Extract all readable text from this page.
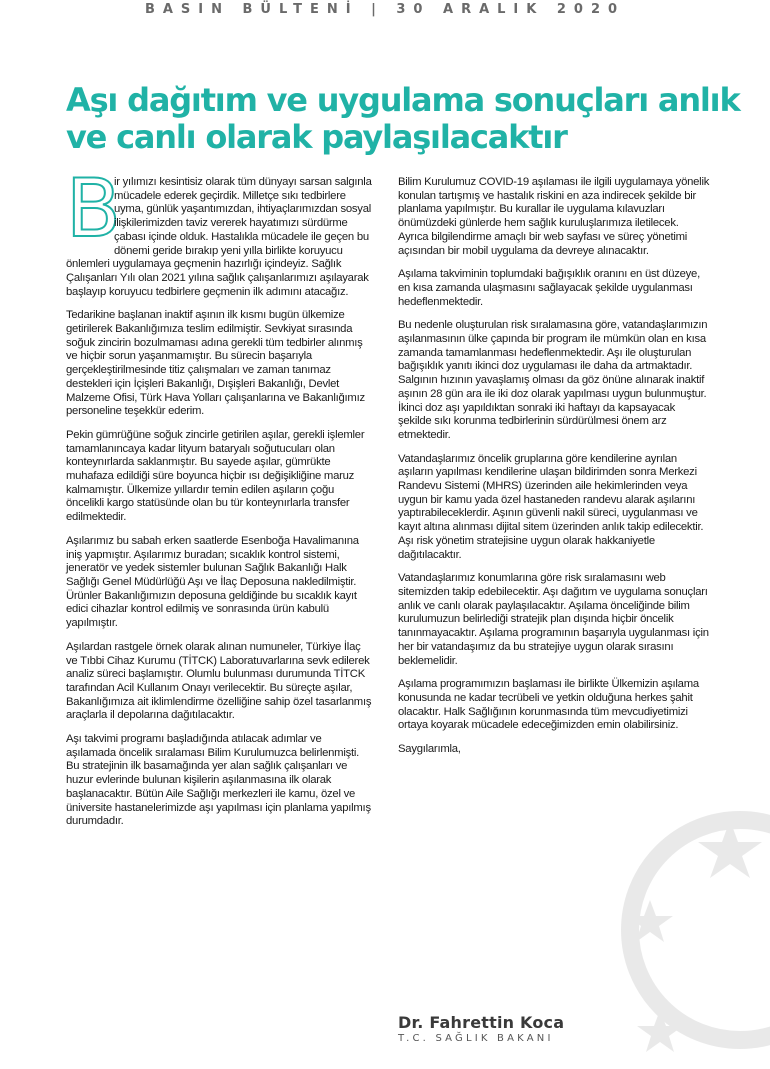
BASIN BÜLTENİ | 30 ARALIK 2020
Aşı dağıtım ve uygulama sonuçları anlık ve canlı olarak paylaşılacaktır

B
ir yılımızı kesintisiz olarak tüm dünyayı sarsan salgınla mücadele ederek geçirdik. Milletçe sıkı tedbirlere uyma, günlük yaşantımızdan, ihtiyaçlarımızdan sosyal ilişkilerimizden taviz vererek hayatımızı sürdürme çabası içinde olduk. Hastalıkla mücadele ile geçen bu dönemi geride bırakıp yeni yılla birlikte koruyucu önlemleri uygulamaya geçmenin hazırlığı içindeyiz. Sağlık Çalışanları Yılı olan 2021 yılına sağlık çalışanlarımızı aşılayarak başlayıp koruyucu tedbirlere geçmenin ilk adımını atacağız.

Tedarikine başlanan inaktif aşının ilk kısmı bugün ülkemize getirilerek Bakanlığımıza teslim edilmiştir. Sevkiyat sırasında soğuk zincirin bozulmaması adına gerekli tüm tedbirler alınmış ve hiçbir sorun yaşanmamıştır. Bu sürecin başarıyla gerçekleştirilmesinde titiz çalışmaları ve zaman tanımaz destekleri için İçişleri Bakanlığı, Dışişleri Bakanlığı, Devlet Malzeme Ofisi, Türk Hava Yolları çalışanlarına ve Bakanlığımız personeline teşekkür ederim.

Pekin gümrüğüne soğuk zincirle getirilen aşılar, gerekli işlemler tamamlanıncaya kadar lityum bataryalı soğutucuları olan konteynırlarda saklanmıştır. Bu sayede aşılar, gümrükte muhafaza edildiği süre boyunca hiçbir ısı değişikliğine maruz kalmamıştır. Ülkemize yıllardır temin edilen aşıların çoğu öncelikli kargo statüsünde olan bu tür konteynırlarla transfer edilmektedir.

Aşılarımız bu sabah erken saatlerde Esenboğa Havalimanına iniş yapmıştır. Aşılarımız buradan; sıcaklık kontrol sistemi, jeneratör ve yedek sistemler bulunan Sağlık Bakanlığı Halk Sağlığı Genel Müdürlüğü Aşı ve İlaç Deposuna nakledilmiştir. Ürünler Bakanlığımızın deposuna geldiğinde bu sıcaklık kayıt edici cihazlar kontrol edilmiş ve sonrasında ürün kabulü yapılmıştır.

Aşılardan rastgele örnek olarak alınan numuneler, Türkiye İlaç ve Tıbbi Cihaz Kurumu (TİTCK) Laboratuvarlarına sevk edilerek analiz süreci başlamıştır. Olumlu bulunması durumunda TİTCK tarafından Acil Kullanım Onayı verilecektir. Bu süreçte aşılar, Bakanlığımıza ait iklimlendirme özelliğine sahip özel tasarlanmış araçlarla il depolarına dağıtılacaktır.

Aşı takvimi programı başladığında atılacak adımlar ve aşılamada öncelik sıralaması Bilim Kurulumuzca belirlenmişti. Bu stratejinin ilk basamağında yer alan sağlık çalışanları ve huzur evlerinde bulunan kişilerin aşılanmasına ilk olarak başlanacaktır. Bütün Aile Sağlığı merkezleri ile kamu, özel ve üniversite hastanelerimizde aşı yapılması için planlama yapılmış durumdadır.

Bilim Kurulumuz COVID-19 aşılaması ile ilgili uygulamaya yönelik konulan tartışmış ve hastalık riskini en aza indirecek şekilde bir planlama yapılmıştır. Bu kurallar ile uygulama kılavuzları önümüzdeki günlerde hem sağlık kuruluşlarımıza iletilecek. Ayrıca bilgilendirme amaçlı bir web sayfası ve süreç yönetimi açısından bir mobil uygulama da devreye alınacaktır.

Aşılama takviminin toplumdaki bağışıklık oranını en üst düzeye, en kısa zamanda ulaşmasını sağlayacak şekilde uygulanması hedeflenmektedir.

Bu nedenle oluşturulan risk sıralamasına göre, vatandaşlarımızın aşılanmasının ülke çapında bir program ile mümkün olan en kısa zamanda tamamlanması hedeflenmektedir. Aşı ile oluşturulan bağışıklık yanıtı ikinci doz uygulaması ile daha da artmaktadır. Salgının hızının yavaşlamış olması da göz önüne alınarak inaktif aşının 28 gün ara ile iki doz olarak yapılması uygun bulunmuştur. İkinci doz aşı yapıldıktan sonraki iki haftayı da kapsayacak şekilde sıkı korunma tedbirlerinin sürdürülmesi önem arz etmektedir.

Vatandaşlarımız öncelik gruplarına göre kendilerine ayrılan aşıların yapılması kendilerine ulaşan bildirimden sonra Merkezi Randevu Sistemi (MHRS) üzerinden aile hekimlerinden veya uygun bir kamu yada özel hastaneden randevu alarak aşılarını yaptırabileceklerdir. Aşının güvenli nakil süreci, uygulanması ve kayıt altına alınması dijital sitem üzerinden anlık takip edilecektir. Aşı risk yönetim stratejisine uygun olarak hakkaniyetle dağıtılacaktır.

Vatandaşlarımız konumlarına göre risk sıralamasını web sitemizden takip edebilecektir. Aşı dağıtım ve uygulama sonuçları anlık ve canlı olarak paylaşılacaktır. Aşılama önceliğinde bilim kurulumuzun belirlediği stratejik plan dışında hiçbir öncelik tanınmayacaktır. Aşılama programının başarıyla uygulanması için her bir vatandaşımız da bu stratejiye uygun olarak sırasını beklemelidir.

Aşılama programımızın başlaması ile birlikte Ülkemizin aşılama konusunda ne kadar tecrübeli ve yetkin olduğuna herkes şahit olacaktır. Halk Sağlığının korunmasında tüm mevcudiyetimizi ortaya koyarak mücadele edeceğimizden emin olabilirsiniz.

Saygılarımla,

Dr. Fahrettin Koca
T.C. SAĞLIK BAKANI
